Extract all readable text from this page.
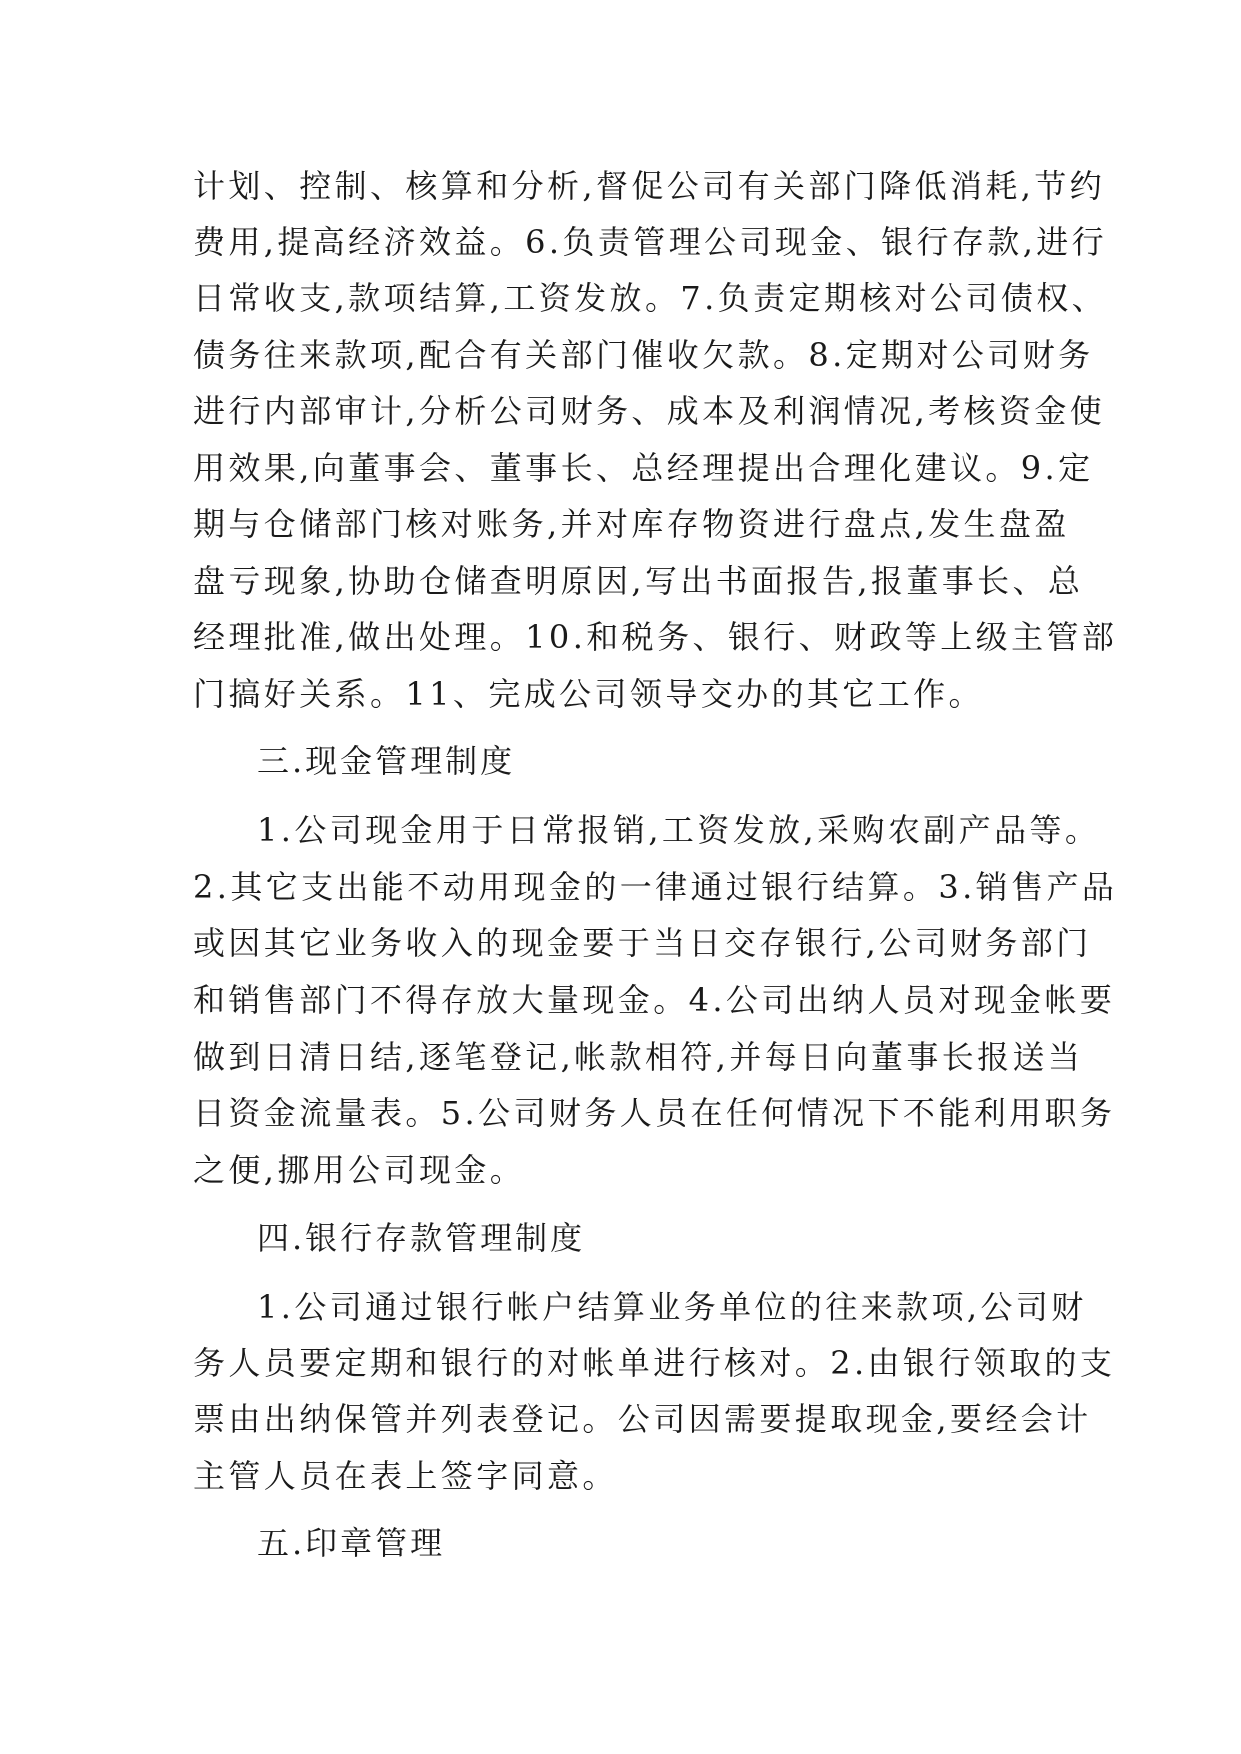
计划、控制、核算和分析,督促公司有关部门降低消耗,节约
费用,提高经济效益。6.负责管理公司现金、银行存款,进行
日常收支,款项结算,工资发放。7.负责定期核对公司债权、
债务往来款项,配合有关部门催收欠款。8.定期对公司财务
进行内部审计,分析公司财务、成本及利润情况,考核资金使
用效果,向董事会、董事长、总经理提出合理化建议。9.定
期与仓储部门核对账务,并对库存物资进行盘点,发生盘盈
盘亏现象,协助仓储查明原因,写出书面报告,报董事长、总
经理批准,做出处理。10.和税务、银行、财政等上级主管部
门搞好关系。11、完成公司领导交办的其它工作。
三.现金管理制度
1.公司现金用于日常报销,工资发放,采购农副产品等。
2.其它支出能不动用现金的一律通过银行结算。3.销售产品
或因其它业务收入的现金要于当日交存银行,公司财务部门
和销售部门不得存放大量现金。4.公司出纳人员对现金帐要
做到日清日结,逐笔登记,帐款相符,并每日向董事长报送当
日资金流量表。5.公司财务人员在任何情况下不能利用职务
之便,挪用公司现金。
四.银行存款管理制度
1.公司通过银行帐户结算业务单位的往来款项,公司财
务人员要定期和银行的对帐单进行核对。2.由银行领取的支
票由出纳保管并列表登记。公司因需要提取现金,要经会计
主管人员在表上签字同意。
五.印章管理
